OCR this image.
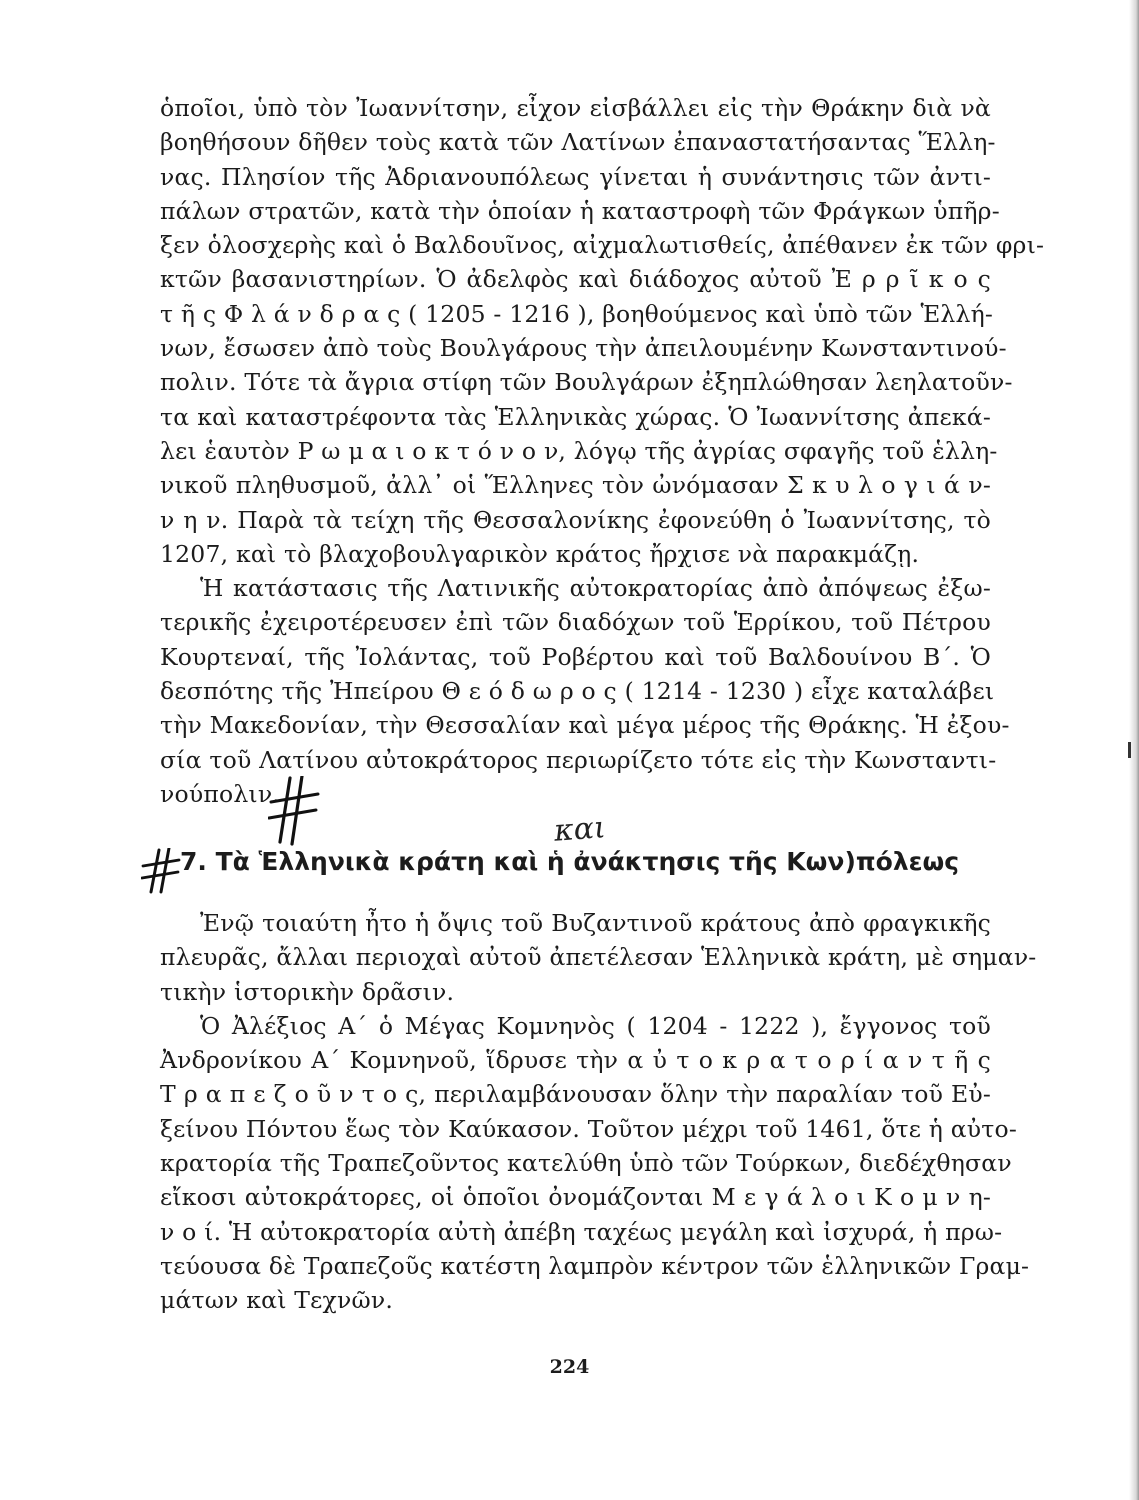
ὁποῖοι, ὑπὸ τὸν Ἰωαννίτσην, εἶχον εἰσβάλλει εἰς τὴν Θράκην διὰ νὰ
βοηθήσουν δῆθεν τοὺς κατὰ τῶν Λατίνων ἐπαναστατήσαντας Ἕλλη-
νας. Πλησίον τῆς Ἀδριανουπόλεως γίνεται ἡ συνάντησις τῶν ἀντι-
πάλων στρατῶν, κατὰ τὴν ὁποίαν ἡ καταστροφὴ τῶν Φράγκων ὑπῆρ-
ξεν ὁλοσχερὴς καὶ ὁ Βαλδουῖνος, αἰχμαλωτισθείς, ἀπέθανεν ἐκ τῶν φρι-
κτῶν βασανιστηρίων. Ὁ ἀδελφὸς καὶ διάδοχος αὐτοῦ Ἐ ρ ρ ῖ κ ο ς
τ ῆ ς Φ λ ά ν δ ρ α ς ( 1205 - 1216 ), βοηθούμενος καὶ ὑπὸ τῶν Ἑλλή-
νων, ἔσωσεν ἀπὸ τοὺς Βουλγάρους τὴν ἀπειλουμένην Κωνσταντινού-
πολιν. Τότε τὰ ἄγρια στίφη τῶν Βουλγάρων ἐξηπλώθησαν λεηλατοῦν-
τα καὶ καταστρέφοντα τὰς Ἑλληνικὰς χώρας. Ὁ Ἰωαννίτσης ἀπεκά-
λει ἑαυτὸν Ρ ω μ α ι ο κ τ ό ν ο ν, λόγῳ τῆς ἀγρίας σφαγῆς τοῦ ἑλλη-
νικοῦ πληθυσμοῦ, ἀλλ᾽ οἱ Ἕλληνες τὸν ὠνόμασαν Σ κ υ λ ο γ ι ά ν-
ν η ν. Παρὰ τὰ τείχη τῆς Θεσσαλονίκης ἐφονεύθη ὁ Ἰωαννίτσης, τὸ
1207, καὶ τὸ βλαχοβουλγαρικὸν κράτος ἤρχισε νὰ παρακμάζῃ.
Ἡ κατάστασις τῆς Λατινικῆς αὐτοκρατορίας ἀπὸ ἀπόψεως ἐξω-
τερικῆς ἐχειροτέρευσεν ἐπὶ τῶν διαδόχων τοῦ Ἑρρίκου, τοῦ Πέτρου
Κουρτεναί, τῆς Ἰολάντας, τοῦ Ροβέρτου καὶ τοῦ Βαλδουίνου Β΄. Ὁ
δεσπότης τῆς Ἠπείρου Θ ε ό δ ω ρ ο ς ( 1214 - 1230 ) εἶχε καταλάβει
τὴν Μακεδονίαν, τὴν Θεσσαλίαν καὶ μέγα μέρος τῆς Θράκης. Ἡ ἐξου-
σία τοῦ Λατίνου αὐτοκράτορος περιωρίζετο τότε εἰς τὴν Κωνσταντι-
νούπολιν.
και
7. Τὰ Ἑλληνικὰ κράτη καὶ ἡ ἀνάκτησις τῆς Κων)πόλεως
Ἐνῷ τοιαύτη ἦτο ἡ ὄψις τοῦ Βυζαντινοῦ κράτους ἀπὸ φραγκικῆς
πλευρᾶς, ἄλλαι περιοχαὶ αὐτοῦ ἀπετέλεσαν Ἑλληνικὰ κράτη, μὲ σημαν-
τικὴν ἱστορικὴν δρᾶσιν.
Ὁ Ἀλέξιος Α΄ ὁ Μέγας Κομνηνὸς ( 1204 - 1222 ), ἔγγονος τοῦ
Ἀνδρονίκου Α΄ Κομνηνοῦ, ἵδρυσε τὴν α ὐ τ ο κ ρ α τ ο ρ ί α ν τ ῆ ς
Τ ρ α π ε ζ ο ῦ ν τ ο ς, περιλαμβάνουσαν ὅλην τὴν παραλίαν τοῦ Εὐ-
ξείνου Πόντου ἕως τὸν Καύκασον. Τοῦτον μέχρι τοῦ 1461, ὅτε ἡ αὐτο-
κρατορία τῆς Τραπεζοῦντος κατελύθη ὑπὸ τῶν Τούρκων, διεδέχθησαν
εἴκοσι αὐτοκράτορες, οἱ ὁποῖοι ὀνομάζονται Μ ε γ ά λ ο ι Κ ο μ ν η-
ν ο ί. Ἡ αὐτοκρατορία αὐτὴ ἀπέβη ταχέως μεγάλη καὶ ἰσχυρά, ἡ πρω-
τεύουσα δὲ Τραπεζοῦς κατέστη λαμπρὸν κέντρον τῶν ἑλληνικῶν Γραμ-
μάτων καὶ Τεχνῶν.
224
